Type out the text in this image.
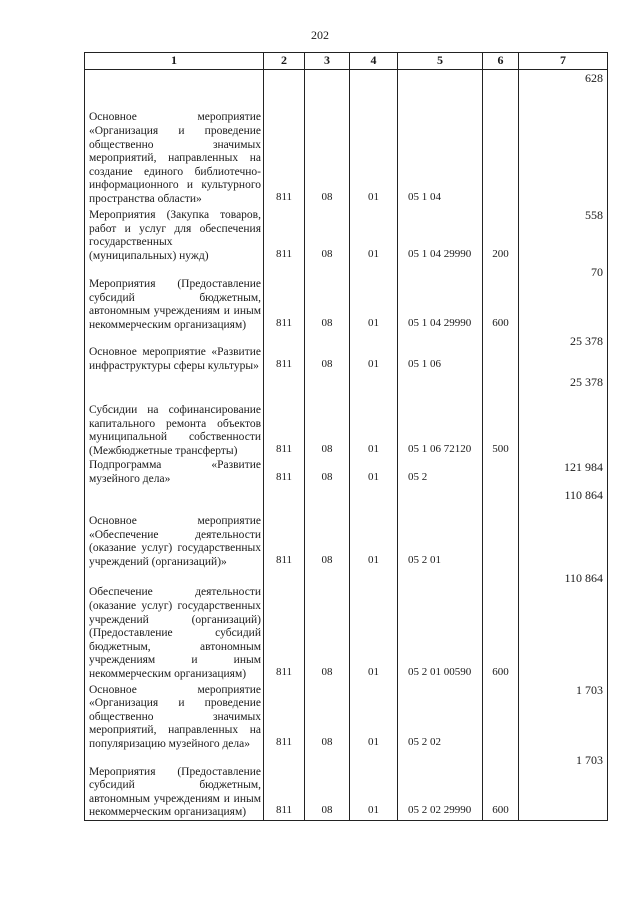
202
1	2	3	4	5	6	7
Основное мероприятие «Организация и проведение общественно значимых мероприятий, направленных на создание единого библиотечно-информационного и культурного пространства области»	811	08	01	05 1 04		628
Мероприятия (Закупка товаров, работ и услуг для обеспечения государственных (муниципальных) нужд)	811	08	01	05 1 04 29990	200	558
Мероприятия (Предоставление субсидий бюджетным, автономным учреждениям и иным некоммерческим организациям)	811	08	01	05 1 04 29990	600	70
Основное мероприятие «Развитие инфраструктуры сферы культуры»	811	08	01	05 1 06		25 378
Субсидии на софинансирование капитального ремонта объектов муниципальной собственности (Межбюджетные трансферты)	811	08	01	05 1 06 72120	500	25 378
Подпрограмма «Развитие музейного дела»	811	08	01	05 2		121 984
Основное мероприятие «Обеспечение деятельности (оказание услуг) государственных учреждений (организаций)»	811	08	01	05 2 01		110 864
Обеспечение деятельности (оказание услуг) государственных учреждений (организаций) (Предоставление субсидий бюджетным, автономным учреждениям и иным некоммерческим организациям)	811	08	01	05 2 01 00590	600	110 864
Основное мероприятие «Организация и проведение общественно значимых мероприятий, направленных на популяризацию музейного дела»	811	08	01	05 2 02		1 703
Мероприятия (Предоставление субсидий бюджетным, автономным учреждениям и иным некоммерческим организациям)	811	08	01	05 2 02 29990	600	1 703
